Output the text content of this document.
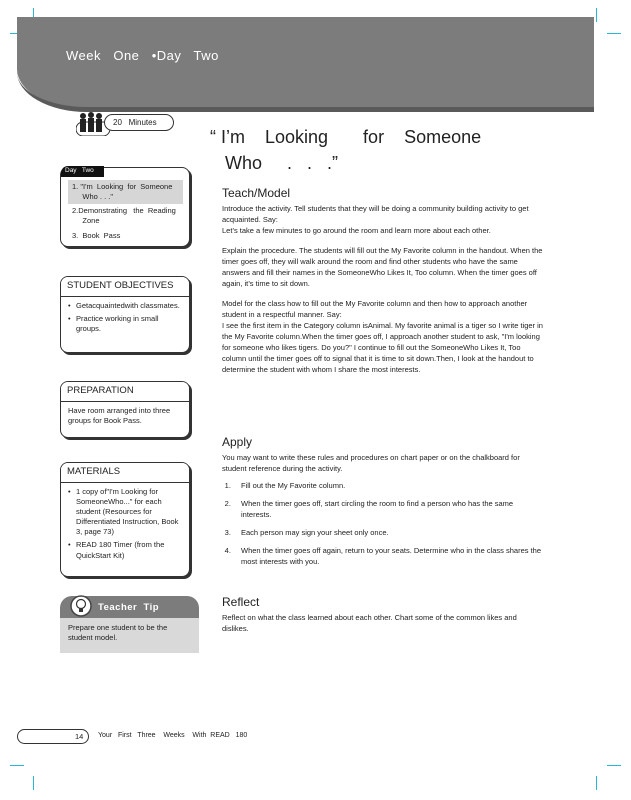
Week   One   •Day   Two
20   Minutes
Day   Two
1. "I'm  Looking  for  Someone
Who . . ."
2.Demonstrating   the  Reading
Zone
3.  Book  Pass
STUDENT OBJECTIVES
• Getacquaintedwith classmates.
• Practice working in small groups.
PREPARATION
Have room arranged into three groups for Book Pass.
MATERIALS
• 1 copy of"I'm Looking for SomeoneWho..." for each student (Resources for Differentiated Instruction, Book 3, page 73)
• READ 180 Timer (from the QuickStart Kit)
Teacher  Tip
Prepare one student to be the student model.
“ I’m    Looking       for    Someone
Who     .   .   .”
Teach/Model
Introduce the activity. Tell students that they will be doing a community building activity to get acquainted. Say:

Let’s take a few minutes to go around the room and learn more about each other.

Explain the procedure. The students will fill out the My Favorite column in the handout. When the timer goes off, they will walk around the room and find other students who have the same answers and fill their names in the SomeoneWho Likes It, Too column. When the timer goes off again, it’s time to sit down.

Model for the class how to fill out the My Favorite column and then how to approach another student in a respectful manner. Say:

I see the first item in the Category column isAnimal. My favorite animal is a tiger so I write tiger in the My Favorite column.When the timer goes off, I approach another student to ask, "I'm looking for someone who likes tigers. Do you?" I continue to fill out the SomeoneWho Likes It, Too column until the timer goes off to signal that it is time to sit down.Then, I look at the handout to determine the student with whom I share the most interests.

Apply

You may want to write these rules and procedures on chart paper or on the chalkboard for student reference during the activity.

1. Fill out the My Favorite column.
2. When the timer goes off, start circling the room to find a person who has the same interests.
3. Each person may sign your sheet only once.
4. When the timer goes off again, return to your seats. Determine who in the class shares the most interests with you.
Reflect

Reflect on what the class learned about each other. Chart some of the common likes and dislikes.

14	Your   First   Three    Weeks    With  READ   180
